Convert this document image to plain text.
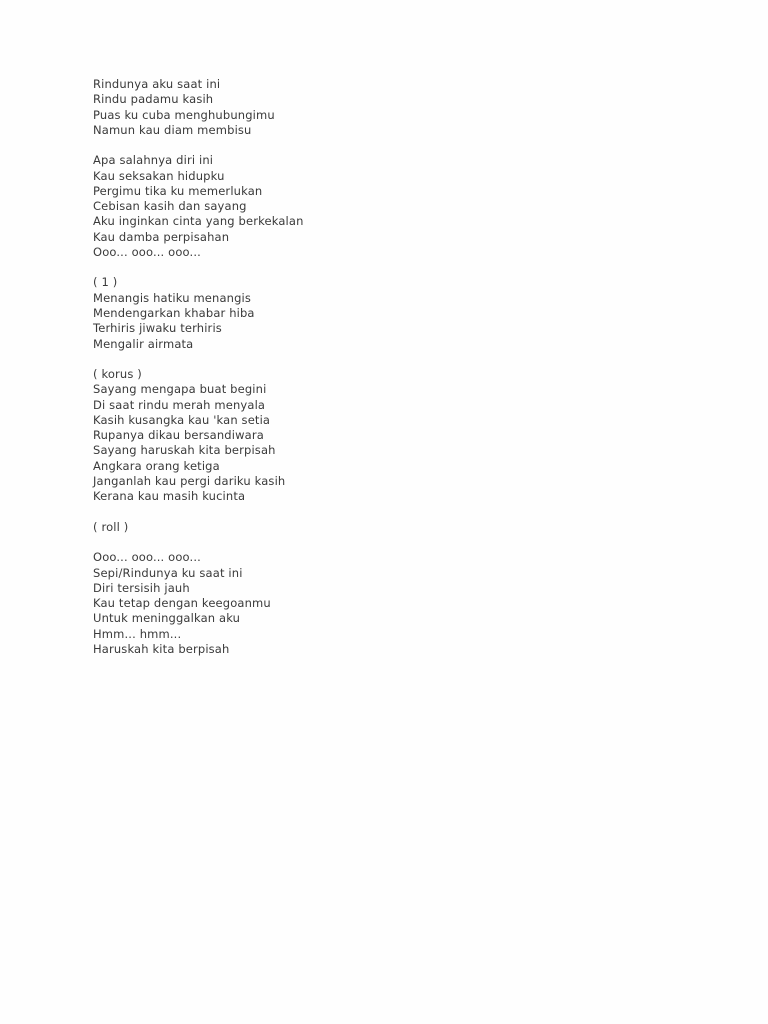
Rindunya aku saat ini
Rindu padamu kasih
Puas ku cuba menghubungimu
Namun kau diam membisu
Apa salahnya diri ini
Kau seksakan hidupku
Pergimu tika ku memerlukan
Cebisan kasih dan sayang
Aku inginkan cinta yang berkekalan
Kau damba perpisahan
Ooo... ooo... ooo...
( 1 )
Menangis hatiku menangis
Mendengarkan khabar hiba
Terhiris jiwaku terhiris
Mengalir airmata
( korus )
Sayang mengapa buat begini
Di saat rindu merah menyala
Kasih kusangka kau 'kan setia
Rupanya dikau bersandiwara
Sayang haruskah kita berpisah
Angkara orang ketiga
Janganlah kau pergi dariku kasih
Kerana kau masih kucinta
( roll )
Ooo... ooo... ooo...
Sepi/Rindunya ku saat ini
Diri tersisih jauh
Kau tetap dengan keegoanmu
Untuk meninggalkan aku
Hmm... hmm...
Haruskah kita berpisah
